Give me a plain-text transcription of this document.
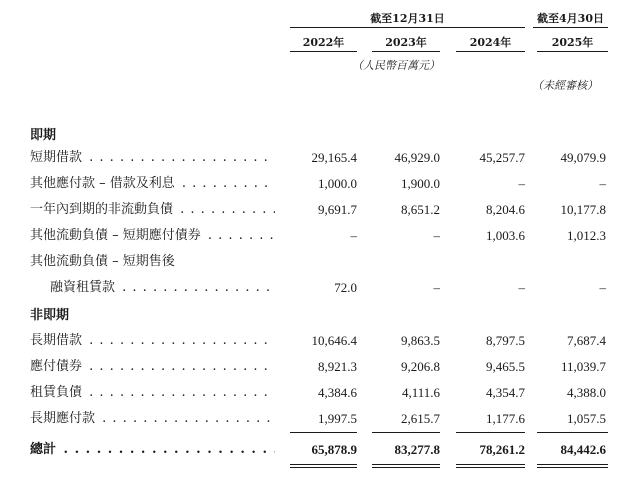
截至12月31日	截至4月30日
2022年	2023年	2024年	2025年
（人民幣百萬元）
（未經審核）
即期
短期借款 . . .	29,165.4	46,929.0	45,257.7	49,079.9
其他應付款 – 借款及利息 . . .	1,000.0	1,900.0	–	–
一年內到期的非流動負債 . . .	9,691.7	8,651.2	8,204.6	10,177.8
其他流動負債 – 短期應付債券 . . .	–	–	1,003.6	1,012.3
其他流動負債 – 短期售後
融資租賃款 . . .	72.0	–	–	–
非即期
長期借款 . . .	10,646.4	9,863.5	8,797.5	7,687.4
應付債券 . . .	8,921.3	9,206.8	9,465.5	11,039.7
租賃負債 . . .	4,384.6	4,111.6	4,354.7	4,388.0
長期應付款 . . .	1,997.5	2,615.7	1,177.6	1,057.5
總計 . . .	65,878.9	83,277.8	78,261.2	84,442.6
